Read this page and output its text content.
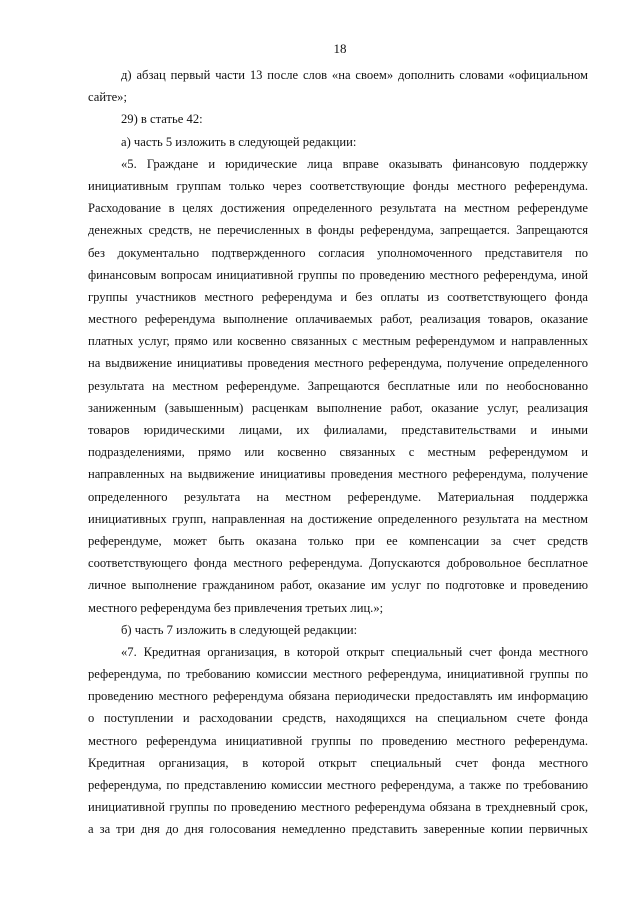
18
д) абзац первый части 13 после слов «на своем» дополнить словами «официальном
сайте»;
29) в статье 42:
а) часть 5 изложить в следующей редакции:
«5. Граждане и юридические лица вправе оказывать финансовую поддержку
инициативным группам только через соответствующие фонды местного референдума.
Расходование в целях достижения определенного результата на местном референдуме
денежных средств, не перечисленных в фонды референдума, запрещается. Запрещаются
без документально подтвержденного согласия уполномоченного представителя по
финансовым вопросам инициативной группы по проведению местного референдума, иной
группы участников местного референдума и без оплаты из соответствующего фонда
местного референдума выполнение оплачиваемых работ, реализация товаров, оказание
платных услуг, прямо или косвенно связанных с местным референдумом и направленных
на выдвижение инициативы проведения местного референдума, получение определенного
результата на местном референдуме. Запрещаются бесплатные или по необоснованно
заниженным (завышенным) расценкам выполнение работ, оказание услуг, реализация
товаров юридическими лицами, их филиалами, представительствами и иными
подразделениями, прямо или косвенно связанных с местным референдумом и
направленных на выдвижение инициативы проведения местного референдума, получение
определенного результата на местном референдуме. Материальная поддержка
инициативных групп, направленная на достижение определенного результата на местном
референдуме, может быть оказана только при ее компенсации за счет средств
соответствующего фонда местного референдума. Допускаются добровольное бесплатное
личное выполнение гражданином работ, оказание им услуг по подготовке и проведению
местного референдума без привлечения третьих лиц.»;
б) часть 7 изложить в следующей редакции:
«7. Кредитная организация, в которой открыт специальный счет фонда местного
референдума, по требованию комиссии местного референдума, инициативной группы по
проведению местного референдума обязана периодически предоставлять им информацию
о поступлении и расходовании средств, находящихся на специальном счете фонда
местного референдума инициативной группы по проведению местного референдума.
Кредитная организация, в которой открыт специальный счет фонда местного
референдума, по представлению комиссии местного референдума, а также по требованию
инициативной группы по проведению местного референдума обязана в трехдневный срок,
а за три дня до дня голосования немедленно представить заверенные копии первичных
